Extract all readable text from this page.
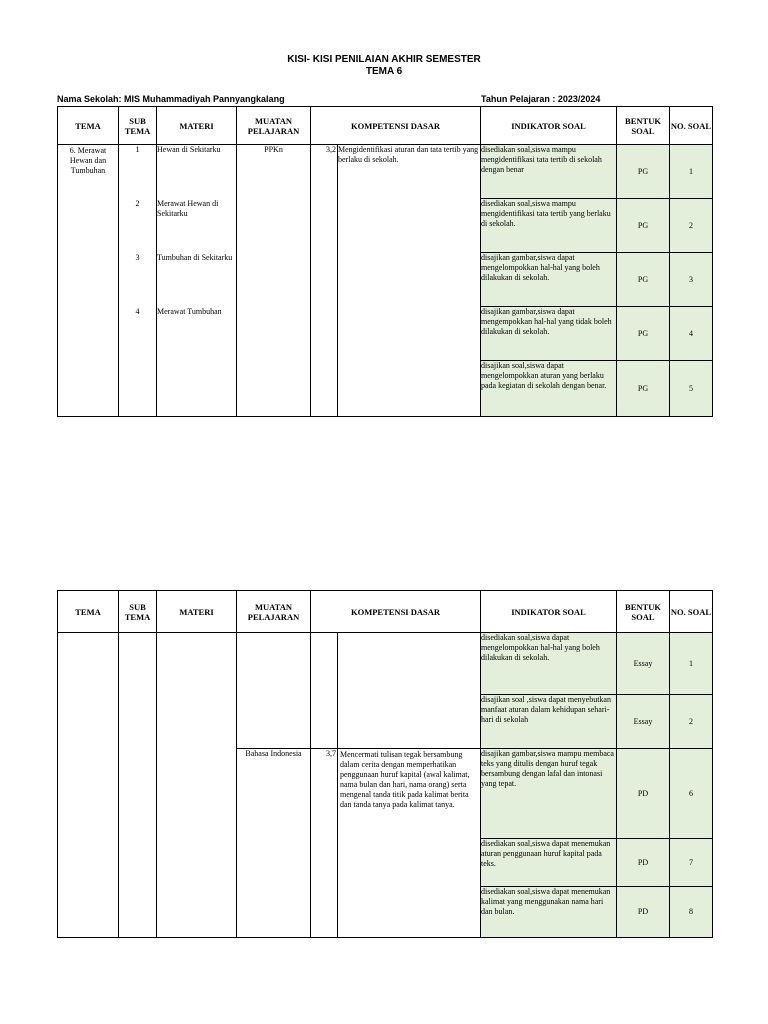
KISI- KISI PENILAIAN AKHIR SEMESTER
TEMA 6
Nama Sekolah: MIS Muhammadiyah Pannyangkalang	Tahun Pelajaran : 2023/2024
TEMA	SUB TEMA	MATERI	MUATAN PELAJARAN	KOMPETENSI DASAR		INDIKATOR SOAL	BENTUK SOAL	NO. SOAL
6. Merawat Hewan dan Tumbuhan	1	Hewan di Sekitarku	PPKn	3,2	Mengidentifikasi aturan dan tata tertib yang berlaku di sekolah.	disediakan soal,siswa mampu mengidentifikasi tata tertib di sekolah dengan benar	PG	1
	2	Merawat Hewan di Sekitarku				disediakan soal,siswa mampu mengidentifikasi tata tertib yang berlaku di sekolah.	PG	2
	3	Tumbuhan di Sekitarku				disajikan gambar,siswa dapat mengelompokkan hal-hal yang boleh dilakukan di sekolah.	PG	3
	4	Merawat Tumbuhan				disajikan gambar,siswa dapat mengempokkan hal-hal yang tidak boleh dilakukan di sekolah.	PG	4
						disajikan soal,siswa dapat mengelompokkan aturan yang berlaku pada kegiatan di sekolah dengan benar.	PG	5
TEMA	SUB TEMA	MATERI	MUATAN PELAJARAN	KOMPETENSI DASAR		INDIKATOR SOAL	BENTUK SOAL	NO. SOAL
						disediakan soal,siswa dapat mengelompokkan hal-hal yang boleh dilakukan di sekolah.	Essay	1
						disajikan soal ,siswa dapat menyebutkan manfaat aturan dalam kehidupan sehari-hari di sekolah	Essay	2
			Bahasa Indonesia	3,7	Mencermati tulisan tegak bersambung dalam cerita dengan memperhatikan penggunaan huruf kapital (awal kalimat, nama bulan dan hari, nama orang) serta mengenal tanda titik pada kalimat berita dan tanda tanya pada kalimat tanya.	disajikan gambar,siswa mampu membaca teks yang ditulis dengan huruf tegak bersambung dengan lafal dan intonasi yang tepat.	PD	6
						disediakan soal,siswa dapat menemukan aturan penggunaan huruf kapital pada teks.	PD	7
						disediakan soal,siswa dapat menemukan kalimat yang menggunakan nama hari dan bulan.	PD	8
